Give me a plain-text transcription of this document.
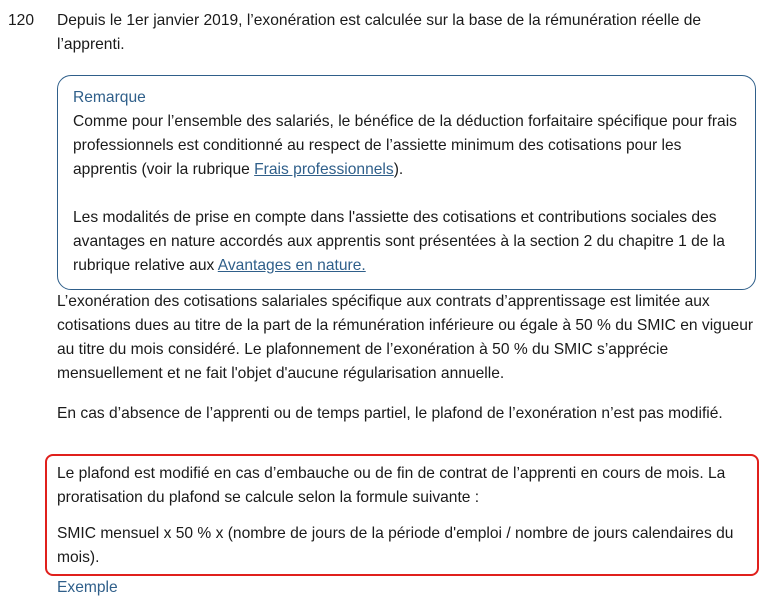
120	Depuis le 1er janvier 2019, l’exonération est calculée sur la base de la rémunération réelle de l’apprenti.

Remarque

Comme pour l’ensemble des salariés, le bénéfice de la déduction forfaitaire spécifique pour frais professionnels est conditionné au respect de l’assiette minimum des cotisations pour les apprentis (voir la rubrique Frais professionnels).

Les modalités de prise en compte dans l'assiette des cotisations et contributions sociales des avantages en nature accordés aux apprentis sont présentées à la section 2 du chapitre 1 de la rubrique relative aux Avantages en nature.

L’exonération des cotisations salariales spécifique aux contrats d’apprentissage est limitée aux cotisations dues au titre de la part de la rémunération inférieure ou égale à 50 % du SMIC en vigueur au titre du mois considéré. Le plafonnement de l’exonération à 50 % du SMIC s’apprécie mensuellement et ne fait l'objet d'aucune régularisation annuelle.

En cas d’absence de l’apprenti ou de temps partiel, le plafond de l’exonération n’est pas modifié.

Le plafond est modifié en cas d’embauche ou de fin de contrat de l’apprenti en cours de mois. La proratisation du plafond se calcule selon la formule suivante :

SMIC mensuel x 50 % x (nombre de jours de la période d'emploi / nombre de jours calendaires du mois).

Exemple
